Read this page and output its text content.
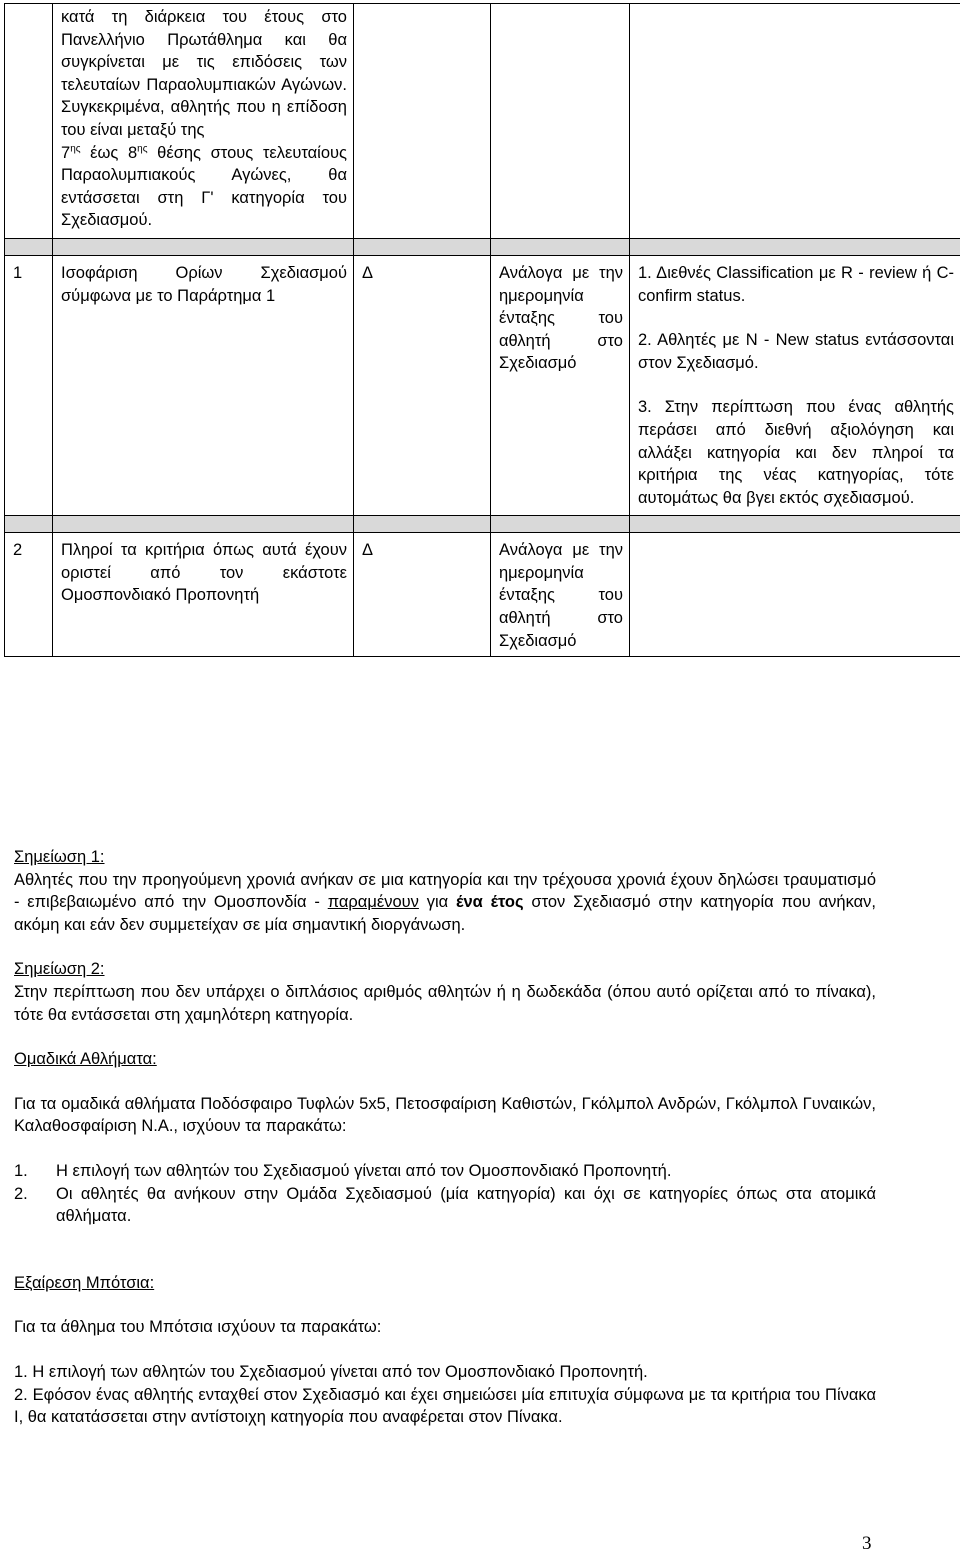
	κατά τη διάρκεια του έτους στο Πανελλήνιο Πρωτάθλημα και θα συγκρίνεται με τις επιδόσεις των τελευταίων Παραολυμπιακών Αγώνων. Συγκεκριμένα, αθλητής που η επίδοση του είναι μεταξύ της
$7^{\eta\varsigma}$ έως $8^{\eta\varsigma}$ θέσης στους τελευταίους Παραολυμπιακούς Αγώνες, θα εντάσσεται στη Γ' κατηγορία του Σχεδιασμού.			

1	Ισοφάριση Ορίων Σχεδιασμού σύμφωνα με το Παράρτημα 1	Δ	Ανάλογα με την ημερομηνία ένταξης του αθλητή στο Σχεδιασμό	1. Διεθνές Classification με R - review ή C- confirm status.
2. Αθλητές με N - New status εντάσσονται στον Σχεδιασμό.
3. Στην περίπτωση που ένας αθλητής περάσει από διεθνή αξιολόγηση και αλλάξει κατηγορία και δεν πληροί τα κριτήρια της νέας κατηγορίας, τότε αυτομάτως θα βγει εκτός σχεδιασμού.

2	Πληροί τα κριτήρια όπως αυτά έχουν οριστεί από τον εκάστοτε Ομοσπονδιακό Προπονητή	Δ	Ανάλογα με την ημερομηνία ένταξης του αθλητή στο Σχεδιασμό	

Σημείωση 1:

Αθλητές που την προηγούμενη χρονιά ανήκαν σε μια κατηγορία και την τρέχουσα χρονιά έχουν δηλώσει τραυματισμό - επιβεβαιωμένο από την Ομοσπονδία - παραμένουν για ένα έτος στον Σχεδιασμό στην κατηγορία που ανήκαν, ακόμη και εάν δεν συμμετείχαν σε μία σημαντική διοργάνωση.

Σημείωση 2:

Στην περίπτωση που δεν υπάρχει ο διπλάσιος αριθμός αθλητών ή η δωδεκάδα (όπου αυτό ορίζεται από το πίνακα), τότε θα εντάσσεται στη χαμηλότερη κατηγορία.

Ομαδικά Αθλήματα:

Για τα ομαδικά αθλήματα Ποδόσφαιρο Τυφλών 5x5, Πετοσφαίριση Καθιστών, Γκόλμπολ Ανδρών, Γκόλμπολ Γυναικών, Καλαθοσφαίριση Ν.Α., ισχύουν τα παρακάτω:

1.	Η επιλογή των αθλητών του Σχεδιασμού γίνεται από τον Ομοσπονδιακό Προπονητή.
2.	Οι αθλητές θα ανήκουν στην Ομάδα Σχεδιασμού (μία κατηγορία) και όχι σε κατηγορίες όπως στα ατομικά αθλήματα.

Εξαίρεση Μπότσια:

Για τα άθλημα του Μπότσια ισχύουν τα παρακάτω:

1. Η επιλογή των αθλητών του Σχεδιασμού γίνεται από τον Ομοσπονδιακό Προπονητή.

2. Εφόσον ένας αθλητής ενταχθεί στον Σχεδιασμό και έχει σημειώσει μία επιτυχία σύμφωνα με τα κριτήρια του Πίνακα Ι, θα κατατάσσεται στην αντίστοιχη κατηγορία που αναφέρεται στον Πίνακα.

3
